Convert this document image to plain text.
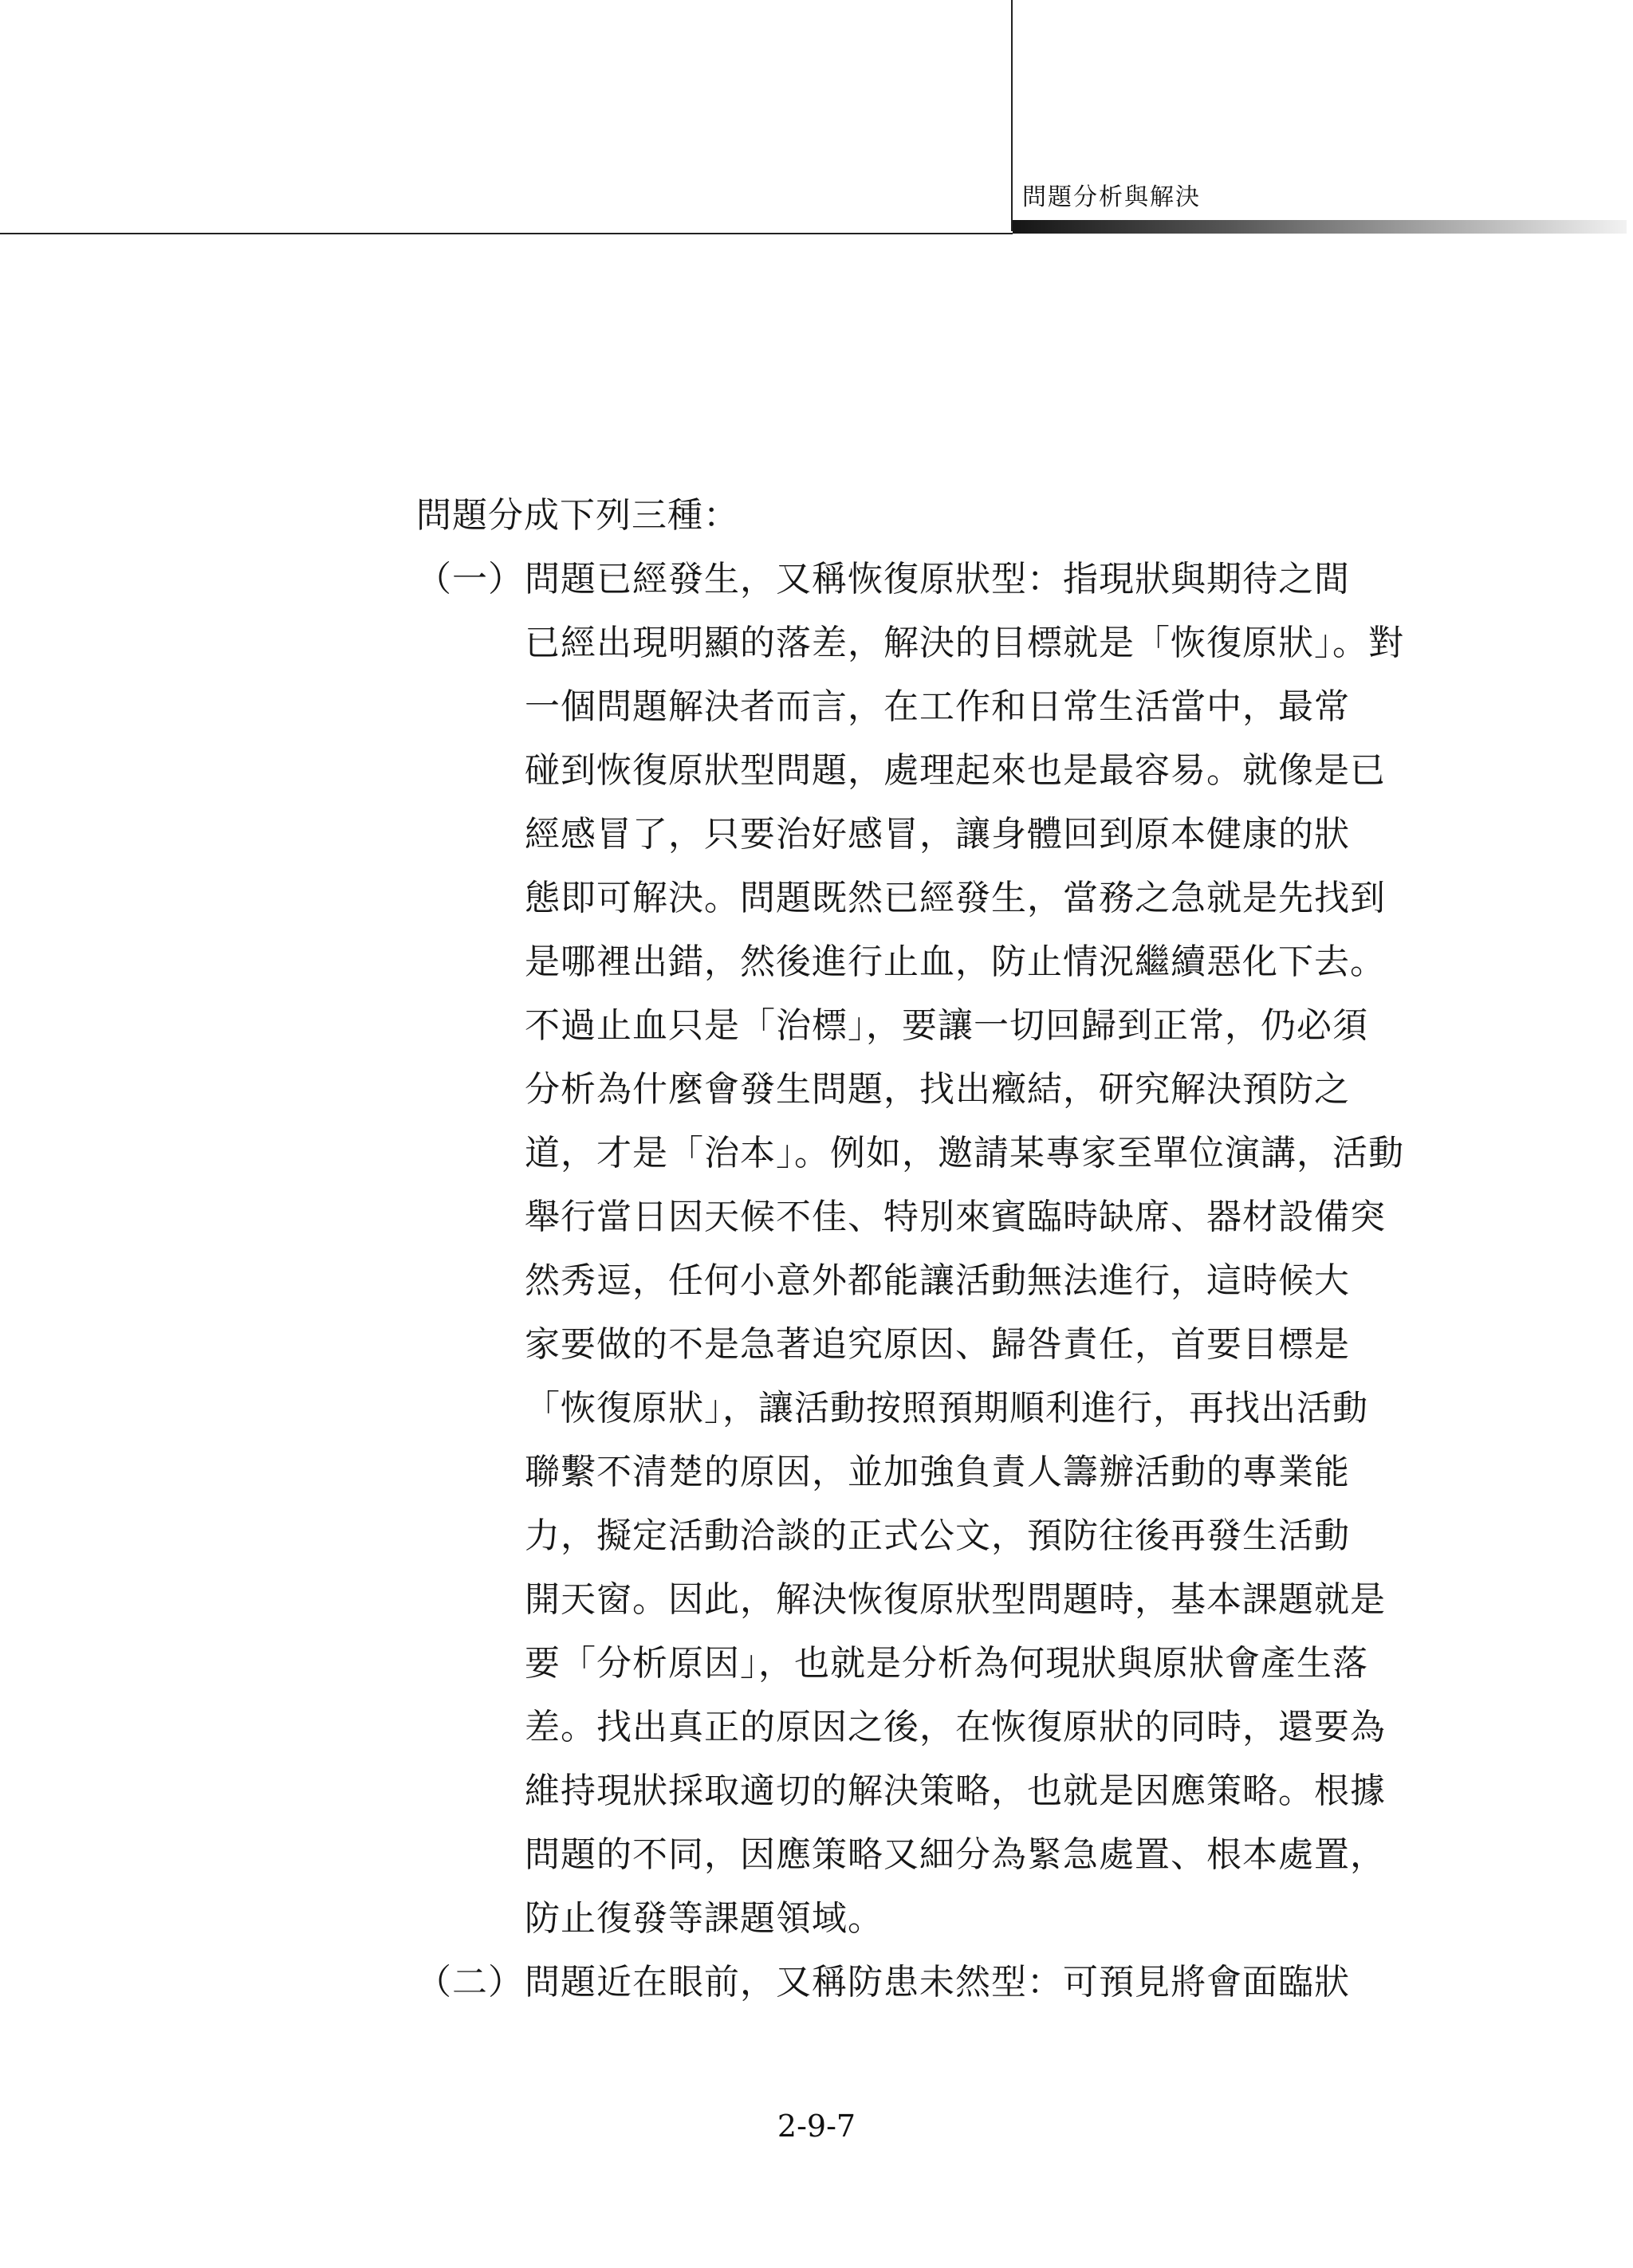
問題分析與解決
問題分成下列三種：
（一） 問題已經發生，又稱恢復原狀型：指現狀與期待之間
已經出現明顯的落差，解決的目標就是「恢復原狀」。對
一個問題解決者而言，在工作和日常生活當中，最常
碰到恢復原狀型問題，處理起來也是最容易。就像是已
經感冒了，只要治好感冒，讓身體回到原本健康的狀
態即可解決。問題既然已經發生，當務之急就是先找到
是哪裡出錯，然後進行止血，防止情況繼續惡化下去。
不過止血只是「治標」，要讓一切回歸到正常，仍必須
分析為什麼會發生問題，找出癥結，研究解決預防之
道，才是「治本」。例如，邀請某專家至單位演講，活動
舉行當日因天候不佳、特別來賓臨時缺席、器材設備突
然秀逗，任何小意外都能讓活動無法進行，這時候大
家要做的不是急著追究原因、歸咎責任，首要目標是
「恢復原狀」，讓活動按照預期順利進行，再找出活動
聯繫不清楚的原因，並加強負責人籌辦活動的專業能
力，擬定活動洽談的正式公文，預防往後再發生活動
開天窗。因此，解決恢復原狀型問題時，基本課題就是
要「分析原因」，也就是分析為何現狀與原狀會產生落
差。找出真正的原因之後，在恢復原狀的同時，還要為
維持現狀採取適切的解決策略，也就是因應策略。根據
問題的不同，因應策略又細分為緊急處置、根本處置，
防止復發等課題領域。
（二） 問題近在眼前，又稱防患未然型：可預見將會面臨狀
2-9-7
